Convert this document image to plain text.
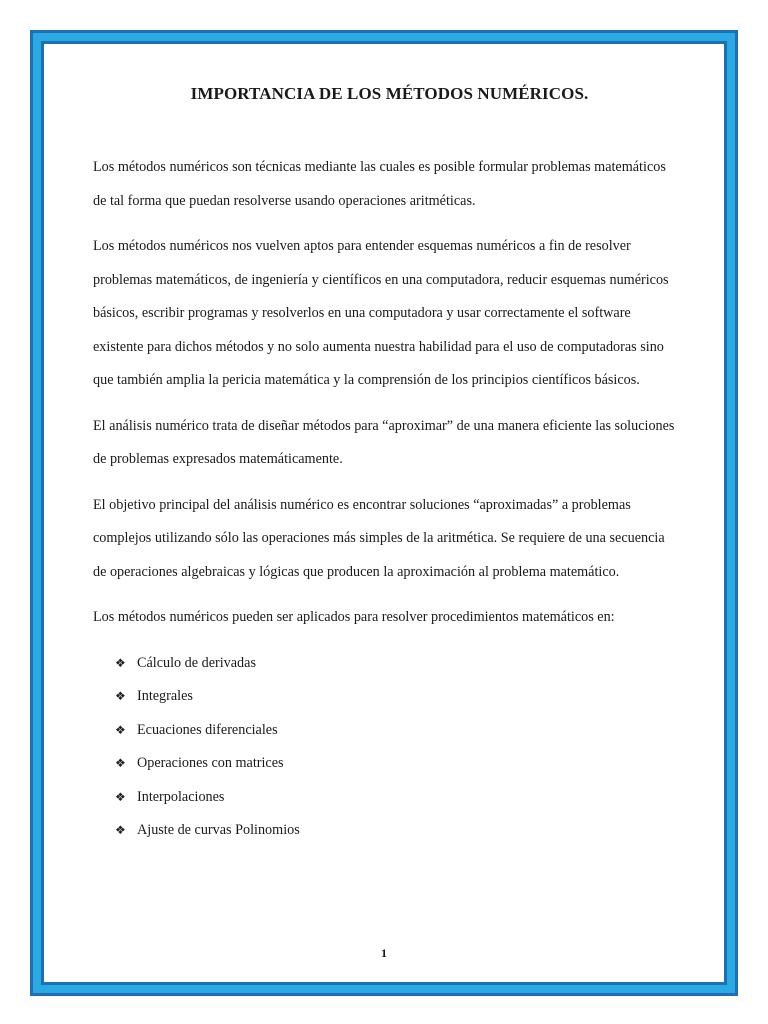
IMPORTANCIA DE LOS MÉTODOS NUMÉRICOS.

Los métodos numéricos son técnicas mediante las cuales es posible formular problemas matemáticos de tal forma que puedan resolverse usando operaciones aritméticas.

Los métodos numéricos nos vuelven aptos para entender esquemas numéricos a fin de resolver problemas matemáticos, de ingeniería y científicos en una computadora, reducir esquemas numéricos básicos, escribir programas y resolverlos en una computadora y usar correctamente el software existente para dichos métodos y no solo aumenta nuestra habilidad para el uso de computadoras sino que también amplia la pericia matemática y la comprensión de los principios científicos básicos.

El análisis numérico trata de diseñar métodos para “aproximar” de una manera eficiente las soluciones de problemas expresados matemáticamente.

El objetivo principal del análisis numérico es encontrar soluciones “aproximadas” a problemas complejos utilizando sólo las operaciones más simples de la aritmética. Se requiere de una secuencia de operaciones algebraicas y lógicas que producen la aproximación al problema matemático.

Los métodos numéricos pueden ser aplicados para resolver procedimientos matemáticos en:

❖ Cálculo de derivadas
❖ Integrales
❖ Ecuaciones diferenciales
❖ Operaciones con matrices
❖ Interpolaciones
❖ Ajuste de curvas Polinomios
1
